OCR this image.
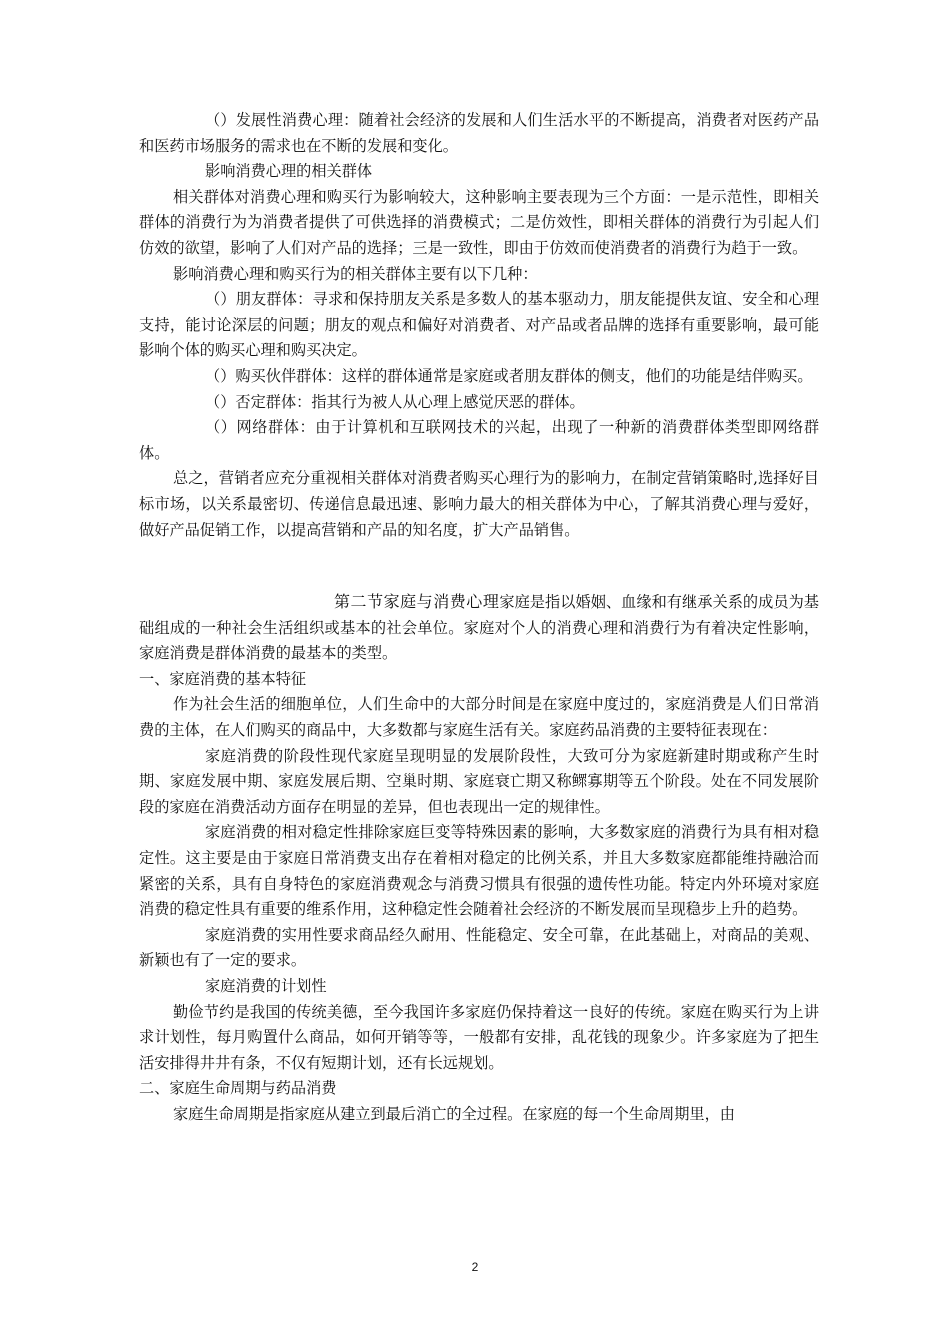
（）发展性消费心理：随着社会经济的发展和人们生活水平的不断提高，消费者对医药产品和医药市场服务的需求也在不断的发展和变化。

影响消费心理的相关群体

相关群体对消费心理和购买行为影响较大，这种影响主要表现为三个方面：一是示范性，即相关群体的消费行为为消费者提供了可供选择的消费模式；二是仿效性，即相关群体的消费行为引起人们仿效的欲望，影响了人们对产品的选择；三是一致性，即由于仿效而使消费者的消费行为趋于一致。

影响消费心理和购买行为的相关群体主要有以下几种：

（）朋友群体：寻求和保持朋友关系是多数人的基本驱动力，朋友能提供友谊、安全和心理支持，能讨论深层的问题；朋友的观点和偏好对消费者、对产品或者品牌的选择有重要影响，最可能影响个体的购买心理和购买决定。

（）购买伙伴群体：这样的群体通常是家庭或者朋友群体的侧支，他们的功能是结伴购买。

（）否定群体：指其行为被人从心理上感觉厌恶的群体。

（）网络群体：由于计算机和互联网技术的兴起，出现了一种新的消费群体类型即网络群体。

总之，营销者应充分重视相关群体对消费者购买心理行为的影响力，在制定营销策略时,选择好目标市场，以关系最密切、传递信息最迅速、影响力最大的相关群体为中心，了解其消费心理与爱好，做好产品促销工作，以提高营销和产品的知名度，扩大产品销售。

第二节家庭与消费心理家庭是指以婚姻、血缘和有继承关系的成员为基础组成的一种社会生活组织或基本的社会单位。家庭对个人的消费心理和消费行为有着决定性影响，家庭消费是群体消费的最基本的类型。

一、家庭消费的基本特征

作为社会生活的细胞单位，人们生命中的大部分时间是在家庭中度过的，家庭消费是人们日常消费的主体，在人们购买的商品中，大多数都与家庭生活有关。家庭药品消费的主要特征表现在：

家庭消费的阶段性现代家庭呈现明显的发展阶段性，大致可分为家庭新建时期或称产生时期、家庭发展中期、家庭发展后期、空巢时期、家庭衰亡期又称鳏寡期等五个阶段。处在不同发展阶段的家庭在消费活动方面存在明显的差异，但也表现出一定的规律性。

家庭消费的相对稳定性排除家庭巨变等特殊因素的影响，大多数家庭的消费行为具有相对稳定性。这主要是由于家庭日常消费支出存在着相对稳定的比例关系，并且大多数家庭都能维持融洽而紧密的关系，具有自身特色的家庭消费观念与消费习惯具有很强的遗传性功能。特定内外环境对家庭消费的稳定性具有重要的维系作用，这种稳定性会随着社会经济的不断发展而呈现稳步上升的趋势。

家庭消费的实用性要求商品经久耐用、性能稳定、安全可靠，在此基础上，对商品的美观、新颖也有了一定的要求。

家庭消费的计划性

勤俭节约是我国的传统美德，至今我国许多家庭仍保持着这一良好的传统。家庭在购买行为上讲求计划性，每月购置什么商品，如何开销等等，一般都有安排，乱花钱的现象少。许多家庭为了把生活安排得井井有条，不仅有短期计划，还有长远规划。

二、家庭生命周期与药品消费

家庭生命周期是指家庭从建立到最后消亡的全过程。在家庭的每一个生命周期里，由

2
